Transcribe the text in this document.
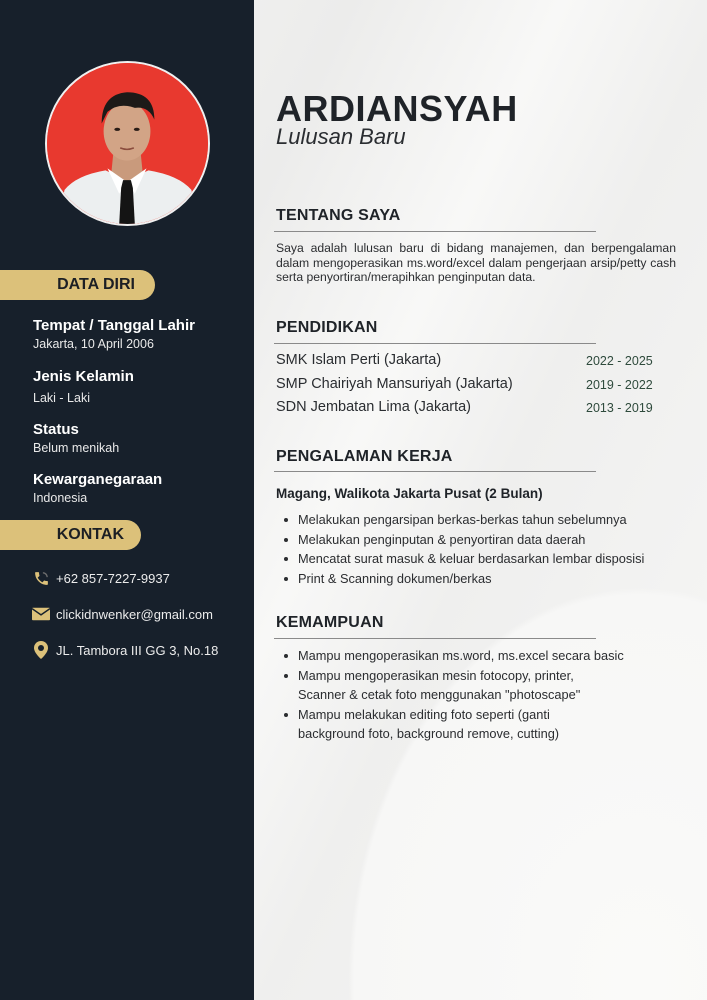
DATA DIRI
Tempat / Tanggal Lahir
Jakarta, 10 April 2006
Jenis Kelamin
Laki - Laki
Status
Belum menikah
Kewarganegaraan
Indonesia
KONTAK
+62 857-7227-9937
clickidnwenker@gmail.com
JL. Tambora III GG 3, No.18
ARDIANSYAH
Lulusan Baru
TENTANG SAYA

Saya adalah lulusan baru di bidang manajemen, dan berpengalaman dalam mengoperasikan ms.word/excel dalam pengerjaan arsip/petty cash serta penyortiran/merapihkan penginputan data.

PENDIDIKAN
SMK Islam Perti (Jakarta)	2022 - 2025
SMP Chairiyah Mansuriyah (Jakarta)	2019 - 2022
SDN Jembatan Lima (Jakarta)	2013 - 2019
PENGALAMAN KERJA
Magang, Walikota Jakarta Pusat (2 Bulan)
Melakukan pengarsipan berkas-berkas tahun sebelumnya
Melakukan penginputan & penyortiran data daerah
Mencatat surat masuk & keluar berdasarkan lembar disposisi
Print & Scanning dokumen/berkas
KEMAMPUAN
Mampu mengoperasikan ms.word, ms.excel secara basic
Mampu mengoperasikan mesin fotocopy, printer, Scanner & cetak foto menggunakan "photoscape"
Mampu melakukan editing foto seperti (ganti background foto, background remove, cutting)
